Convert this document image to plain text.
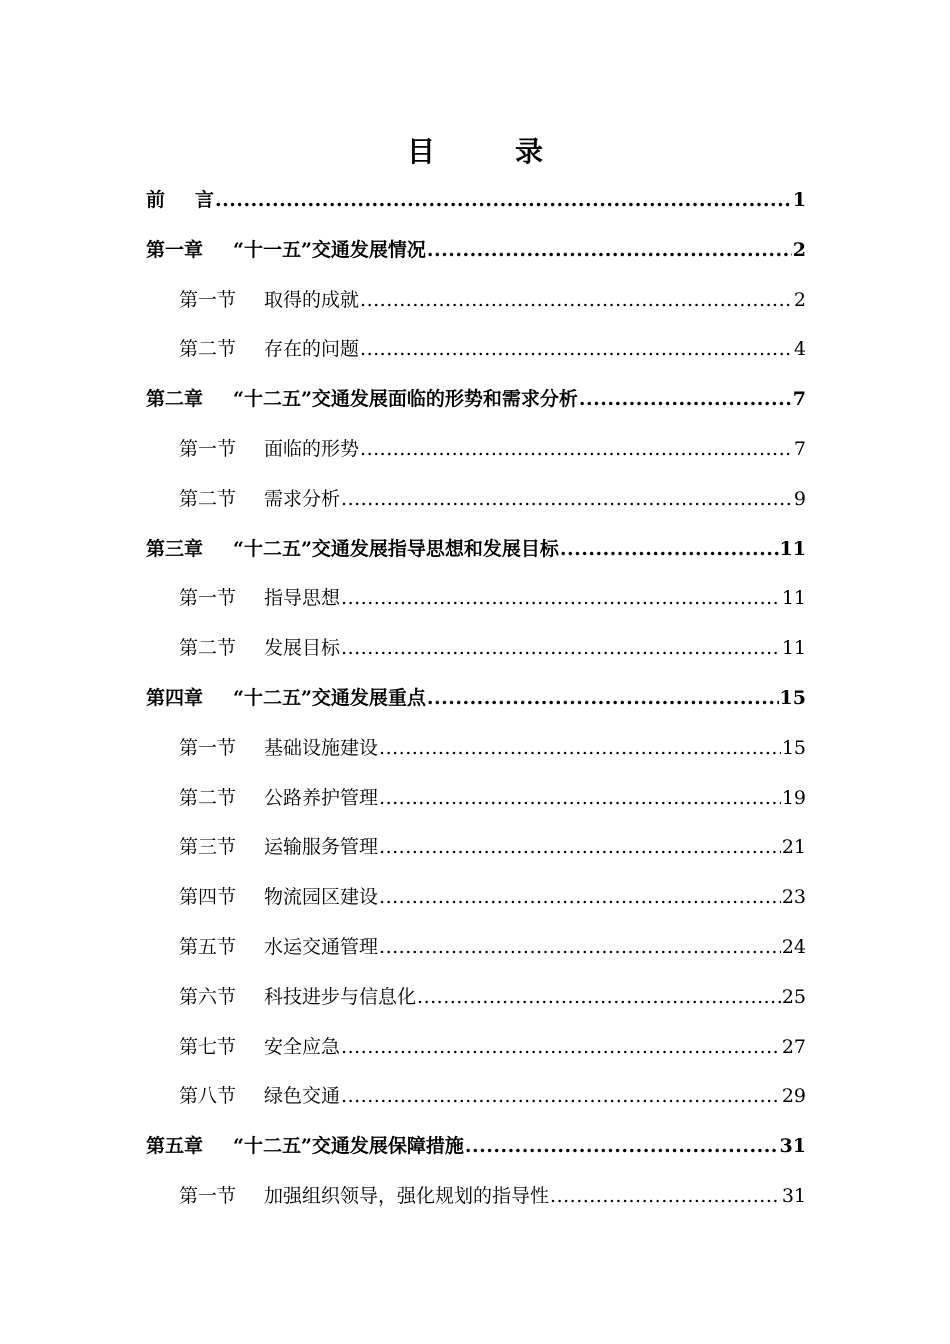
目　录
前 言 .....	1
第一章 “十一五”交通发展情况 .....	2
第一节 取得的成就 .....	2
第二节 存在的问题 .....	4
第二章 “十二五”交通发展面临的形势和需求分析 .....	7
第一节 面临的形势 .....	7
第二节 需求分析 .....	9
第三章 “十二五”交通发展指导思想和发展目标 .....	11
第一节 指导思想 .....	11
第二节 发展目标 .....	11
第四章 “十二五”交通发展重点 .....	15
第一节 基础设施建设 .....	15
第二节 公路养护管理 .....	19
第三节 运输服务管理 .....	21
第四节 物流园区建设 .....	23
第五节 水运交通管理 .....	24
第六节 科技进步与信息化 .....	25
第七节 安全应急 .....	27
第八节 绿色交通 .....	29
第五章 “十二五”交通发展保障措施 .....	31
第一节 加强组织领导，强化规划的指导性 .....	31
